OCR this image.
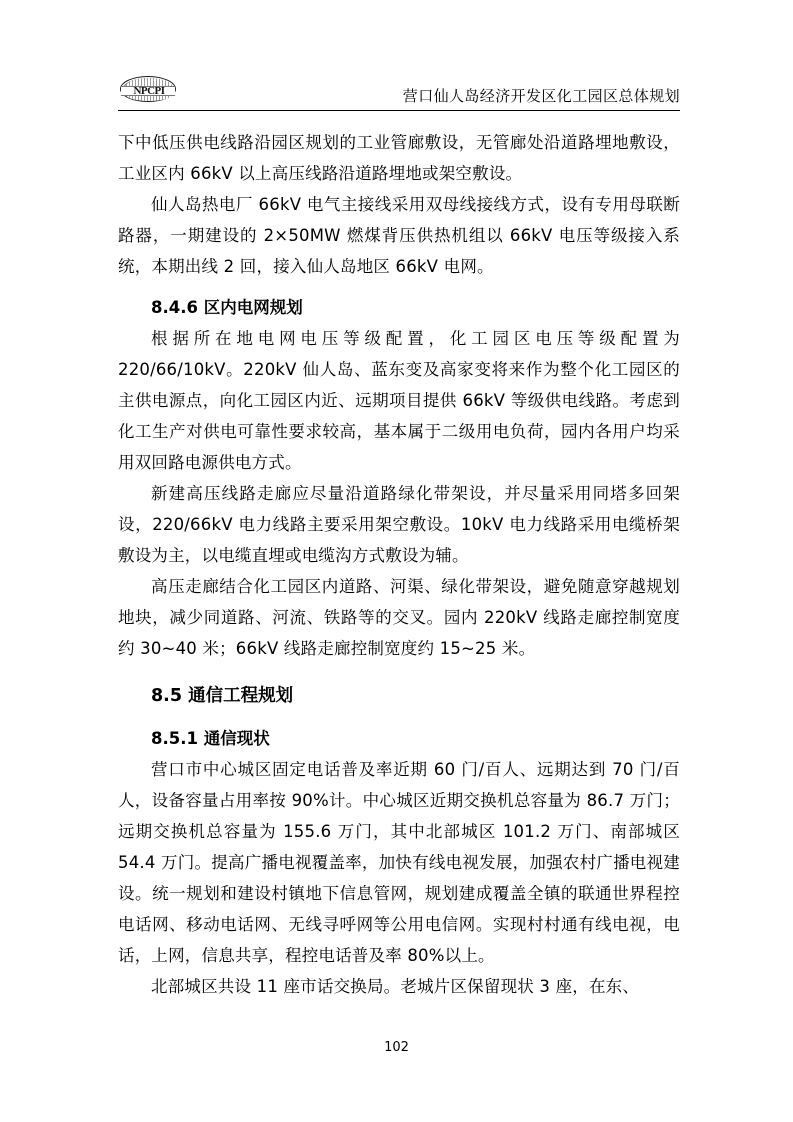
NPCPI	营口仙人岛经济开发区化工园区总体规划

下中低压供电线路沿园区规划的工业管廊敷设，无管廊处沿道路埋地敷设，工业区内 66kV 以上高压线路沿道路埋地或架空敷设。

仙人岛热电厂 66kV 电气主接线采用双母线接线方式，设有专用母联断路器，一期建设的 2×50MW 燃煤背压供热机组以 66kV 电压等级接入系统，本期出线 2 回，接入仙人岛地区 66kV 电网。

8.4.6 区内电网规划

根据所在地电网电压等级配置，化工园区电压等级配置为 220/66/10kV。220kV 仙人岛、蓝东变及高家变将来作为整个化工园区的主供电源点，向化工园区内近、远期项目提供 66kV 等级供电线路。考虑到化工生产对供电可靠性要求较高，基本属于二级用电负荷，园内各用户均采用双回路电源供电方式。

新建高压线路走廊应尽量沿道路绿化带架设，并尽量采用同塔多回架设，220/66kV 电力线路主要采用架空敷设。10kV 电力线路采用电缆桥架敷设为主，以电缆直埋或电缆沟方式敷设为辅。

高压走廊结合化工园区内道路、河渠、绿化带架设，避免随意穿越规划地块，减少同道路、河流、铁路等的交叉。园内 220kV 线路走廊控制宽度约 30~40 米；66kV 线路走廊控制宽度约 15~25 米。

8.5 通信工程规划
8.5.1 通信现状

营口市中心城区固定电话普及率近期 60 门/百人、远期达到 70 门/百人，设备容量占用率按 90%计。中心城区近期交换机总容量为 86.7 万门；远期交换机总容量为 155.6 万门，其中北部城区 101.2 万门、南部城区 54.4 万门。提高广播电视覆盖率，加快有线电视发展，加强农村广播电视建设。统一规划和建设村镇地下信息管网，规划建成覆盖全镇的联通世界程控电话网、移动电话网、无线寻呼网等公用电信网。实现村村通有线电视，电话，上网，信息共享，程控电话普及率 80%以上。

北部城区共设 11 座市话交换局。老城片区保留现状 3 座，在东、

102
